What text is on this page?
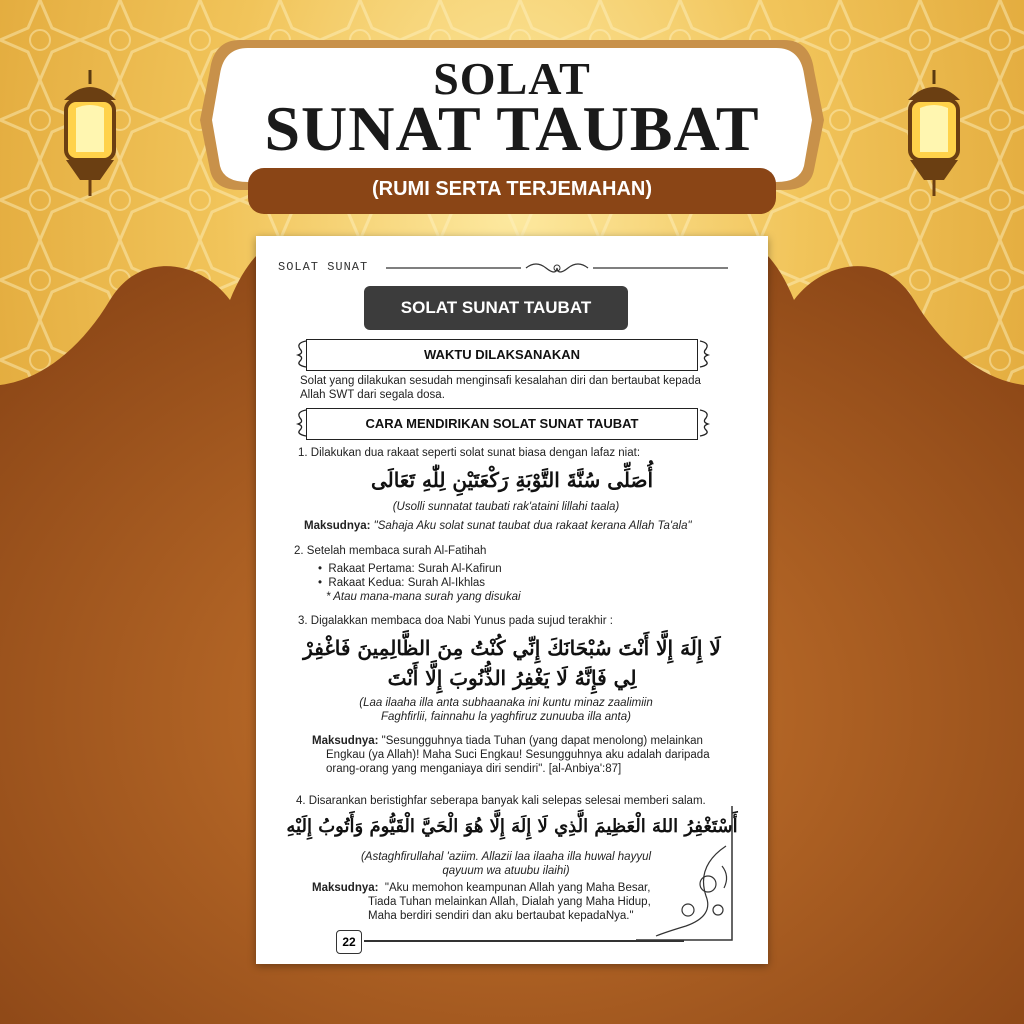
SOLAT
SUNAT TAUBAT
(RUMI SERTA TERJEMAHAN)
SOLAT SUNAT
SOLAT SUNAT TAUBAT
WAKTU DILAKSANAKAN
Solat yang dilakukan sesudah menginsafi kesalahan diri dan bertaubat kepada
Allah SWT dari segala dosa.
CARA MENDIRIKAN SOLAT SUNAT TAUBAT
1. Dilakukan dua rakaat seperti solat sunat biasa dengan lafaz niat:
أُصَلِّى سُنَّةَ التَّوْبَةِ رَكْعَتَيْنِ لِلّٰهِ تَعَالَى
(Usolli sunnatat taubati rak'ataini lillahi taala)
Maksudnya: "Sahaja Aku solat sunat taubat dua rakaat kerana Allah Ta'ala"
2. Setelah membaca surah Al-Fatihah
•  Rakaat Pertama: Surah Al-Kafirun
•  Rakaat Kedua: Surah Al-Ikhlas
* Atau mana-mana surah yang disukai
3. Digalakkan membaca doa Nabi Yunus pada sujud terakhir :
لَا إِلَهَ إِلَّا أَنْتَ سُبْحَانَكَ إِنِّي كُنْتُ مِنَ الظَّالِمِينَ فَاغْفِرْ
لِي فَإِنَّهُ لَا يَغْفِرُ الذُّنُوبَ إِلَّا أَنْتَ
(Laa ilaaha illa anta subhaanaka ini kuntu minaz zaalimiin
Faghfirlii, fainnahu la yaghfiruz zunuuba illa anta)
Maksudnya: "Sesungguhnya tiada Tuhan (yang dapat menolong) melainkan
Engkau (ya Allah)! Maha Suci Engkau! Sesungguhnya aku adalah daripada
orang-orang yang menganiaya diri sendiri". [al-Anbiya':87]
4. Disarankan beristighfar seberapa banyak kali selepas selesai memberi salam.
أَسْتَغْفِرُ اللهَ الْعَظِيمَ الَّذِي لَا إِلَهَ إِلَّا هُوَ الْحَيَّ الْقَيُّومَ وَأَتُوبُ إِلَيْهِ
(Astaghfirullahal 'aziim. Allazii laa ilaaha illa huwal hayyul
qayuum wa atuubu ilaihi)
Maksudnya: "Aku memohon keampunan Allah yang Maha Besar,
Tiada Tuhan melainkan Allah, Dialah yang Maha Hidup,
Maha berdiri sendiri dan aku bertaubat kepadaNya."
22
